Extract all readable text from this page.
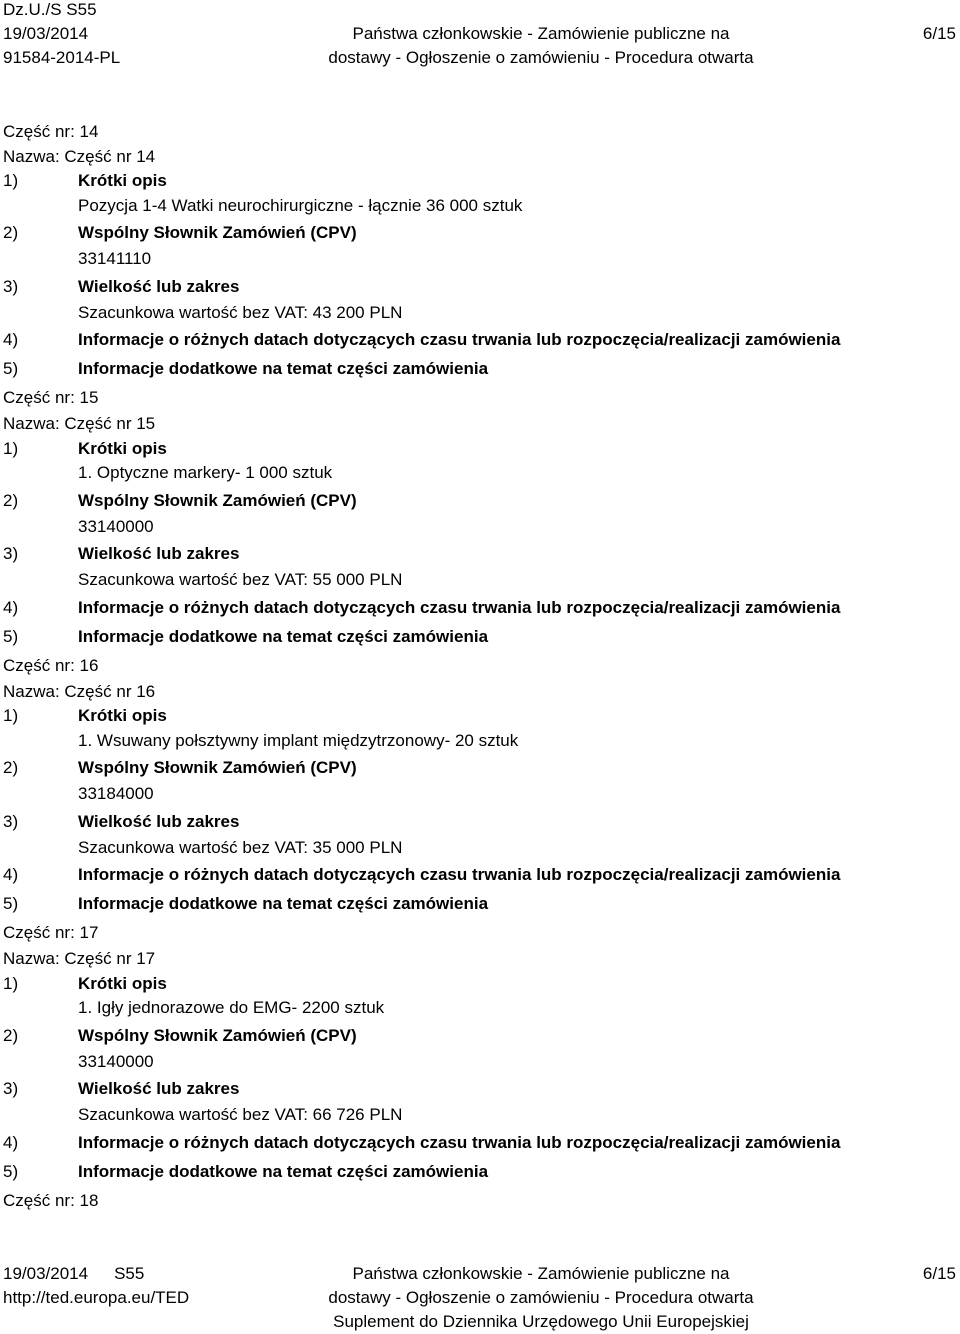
Dz.U./S S55
19/03/2014
91584-2014-PL
Państwa członkowskie - Zamówienie publiczne na
dostawy - Ogłoszenie o zamówieniu - Procedura otwarta
6/15
Część nr: 14
Nazwa: Część nr 14
1)	Krótki opis
Pozycja 1-4 Watki neurochirurgiczne - łącznie 36 000 sztuk
2)	Wspólny Słownik Zamówień (CPV)
33141110
3)	Wielkość lub zakres
Szacunkowa wartość bez VAT: 43 200 PLN
4)	Informacje o różnych datach dotyczących czasu trwania lub rozpoczęcia/realizacji zamówienia
5)	Informacje dodatkowe na temat części zamówienia
Część nr: 15
Nazwa: Część nr 15
1)	Krótki opis
1. Optyczne markery- 1 000 sztuk
2)	Wspólny Słownik Zamówień (CPV)
33140000
3)	Wielkość lub zakres
Szacunkowa wartość bez VAT: 55 000 PLN
4)	Informacje o różnych datach dotyczących czasu trwania lub rozpoczęcia/realizacji zamówienia
5)	Informacje dodatkowe na temat części zamówienia
Część nr: 16
Nazwa: Część nr 16
1)	Krótki opis
1. Wsuwany połsztywny implant międzytrzonowy- 20 sztuk
2)	Wspólny Słownik Zamówień (CPV)
33184000
3)	Wielkość lub zakres
Szacunkowa wartość bez VAT: 35 000 PLN
4)	Informacje o różnych datach dotyczących czasu trwania lub rozpoczęcia/realizacji zamówienia
5)	Informacje dodatkowe na temat części zamówienia
Część nr: 17
Nazwa: Część nr 17
1)	Krótki opis
1. Igły jednorazowe do EMG- 2200 sztuk
2)	Wspólny Słownik Zamówień (CPV)
33140000
3)	Wielkość lub zakres
Szacunkowa wartość bez VAT: 66 726 PLN
4)	Informacje o różnych datach dotyczących czasu trwania lub rozpoczęcia/realizacji zamówienia
5)	Informacje dodatkowe na temat części zamówienia
Część nr: 18
19/03/2014 S55
http://ted.europa.eu/TED
Państwa członkowskie - Zamówienie publiczne na
dostawy - Ogłoszenie o zamówieniu - Procedura otwarta
Suplement do Dziennika Urzędowego Unii Europejskiej
6/15
